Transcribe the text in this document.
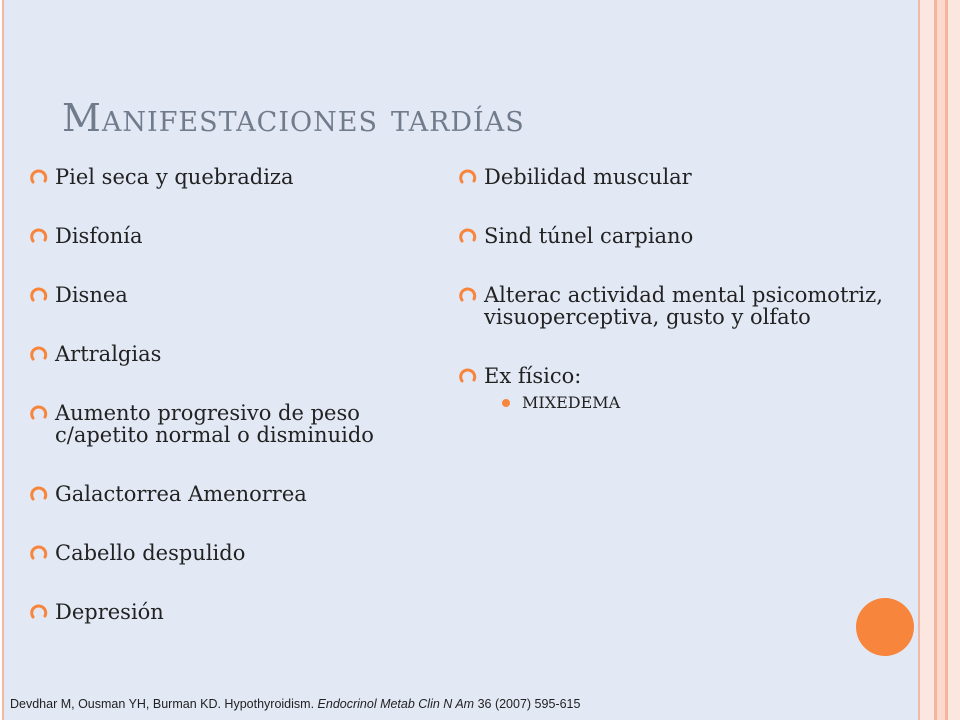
Manifestaciones tardías
Piel seca y quebradiza
Disfonía
Disnea
Artralgias
Aumento progresivo de peso c/apetito normal o disminuido
Galactorrea Amenorrea
Cabello despulido
Depresión
Debilidad muscular
Sind túnel carpiano
Alterac actividad mental psicomotriz, visuoperceptiva, gusto y olfato
Ex físico:
MIXEDEMA
Devdhar M, Ousman YH, Burman KD. Hypothyroidism. Endocrinol Metab Clin N Am 36 (2007) 595-615
